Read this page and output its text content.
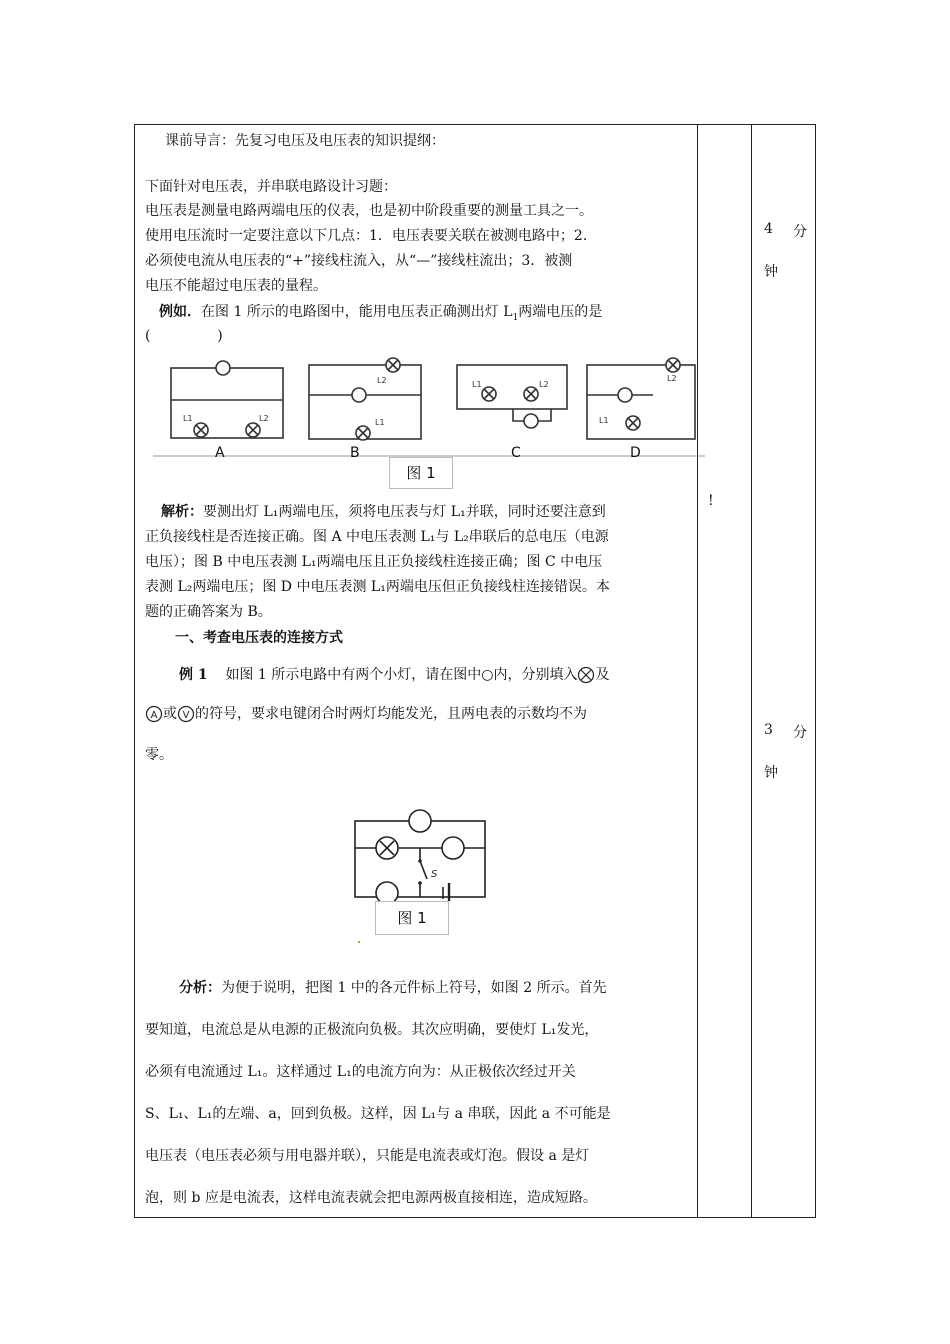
课前导言：先复习电压及电压表的知识提纲：
下面针对电压表，并串联电路设计习题：
电压表是测量电路两端电压的仪表，也是初中阶段重要的测量工具之一。
使用电压流时一定要注意以下几点：1．电压表要关联在被测电路中；2．
必须使电流从电压表的“+”接线柱流入，从“—”接线柱流出；3．被测
电压不能超过电压表的量程。
例如．在图 1 所示的电路图中，能用电压表正确测出灯 $L_1$两端电压的是
(               )
L1	L2
L2
L1
L1	L2
L1
L2
A	B	C	D
图 1
解析：要测出灯 L₁两端电压，须将电压表与灯 L₁并联，同时还要注意到
正负接线柱是否连接正确。图 A 中电压表测 L₁与 L₂串联后的总电压（电源
电压）；图 B 中电压表测 L₁两端电压且正负接线柱连接正确；图 C 中电压
表测 L₂两端电压；图 D 中电压表测 L₁两端电压但正负接线柱连接错误。本
题的正确答案为 B。
一、考查电压表的连接方式
例 1 如图 1 所示电路中有两个小灯，请在图中○内，分别填入 及
A 或 V 的符号，要求电键闭合时两灯均能发光，且两电表的示数均不为
零。
S
图 1
分析：为便于说明，把图 1 中的各元件标上符号，如图 2 所示。首先
要知道，电流总是从电源的正极流向负极。其次应明确，要使灯 L₁发光，
必须有电流通过 L₁。这样通过 L₁的电流方向为：从正极依次经过开关
S、L₁、L₁的左端、a，回到负极。这样，因 L₁与 a 串联，因此 a 不可能是
电压表（电压表必须与用电器并联），只能是电流表或灯泡。假设 a 是灯
泡，则 b 应是电流表，这样电流表就会把电源两极直接相连，造成短路。
!
4 分
钟
3 分
钟
